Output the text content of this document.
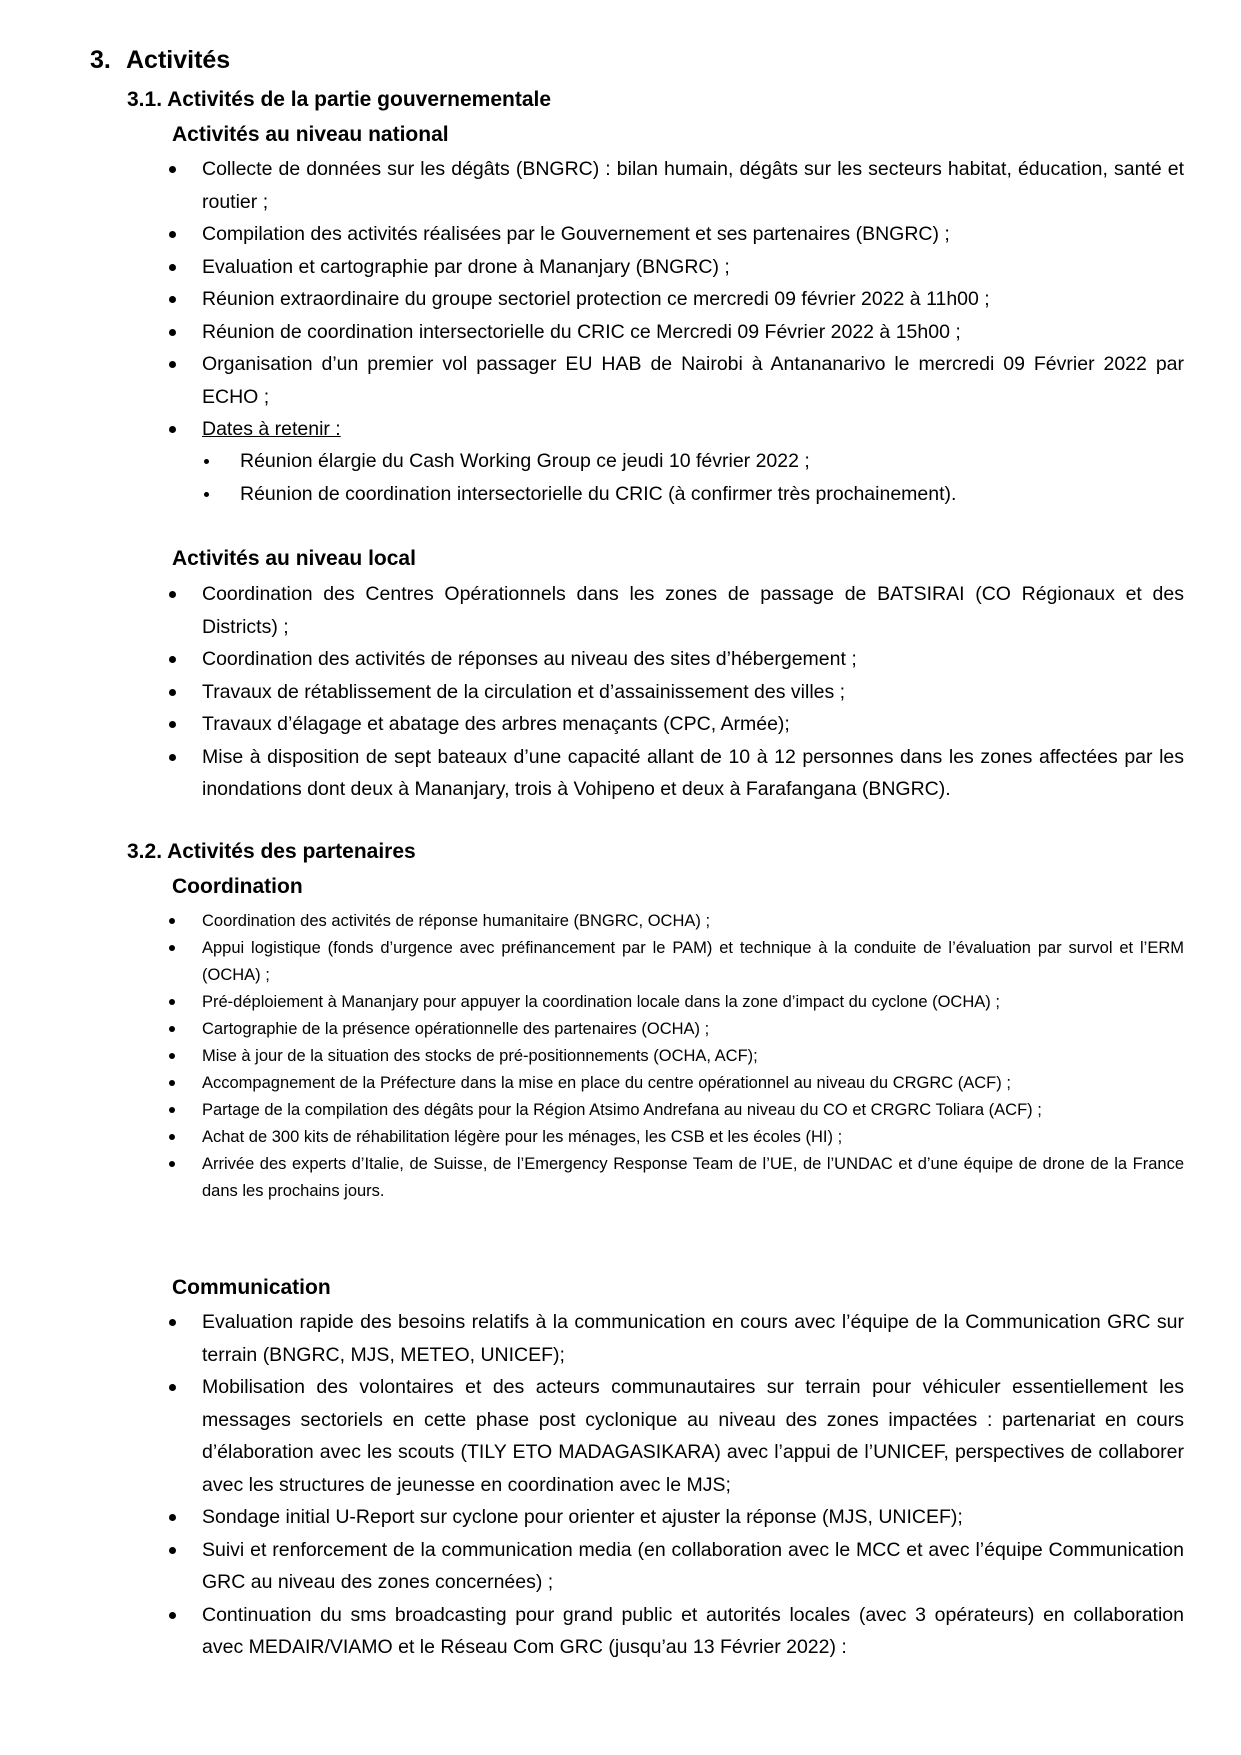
3. Activités
3.1. Activités de la partie gouvernementale
Activités au niveau national
Collecte de données sur les dégâts (BNGRC) : bilan humain, dégâts sur les secteurs habitat, éducation, santé et routier ;
Compilation des activités réalisées par le Gouvernement et ses partenaires (BNGRC) ;
Evaluation et cartographie par drone à Mananjary (BNGRC) ;
Réunion extraordinaire du groupe sectoriel protection ce mercredi 09 février 2022 à 11h00 ;
Réunion de coordination intersectorielle du CRIC ce Mercredi 09 Février 2022 à 15h00 ;
Organisation d’un premier vol passager EU HAB de Nairobi à Antananarivo le mercredi 09 Février 2022 par ECHO ;
Dates à retenir :
Réunion élargie du Cash Working Group ce jeudi 10 février 2022 ;
Réunion de coordination intersectorielle du CRIC (à confirmer très prochainement).
Activités au niveau local
Coordination des Centres Opérationnels dans les zones de passage de BATSIRAI (CO Régionaux et des Districts) ;
Coordination des activités de réponses au niveau des sites d’hébergement ;
Travaux de rétablissement de la circulation et d’assainissement des villes ;
Travaux d’élagage et abatage des arbres menaçants (CPC, Armée);
Mise à disposition de sept bateaux d’une capacité allant de 10 à 12 personnes dans les zones affectées par les inondations dont deux à Mananjary, trois à Vohipeno et deux à Farafangana (BNGRC).
3.2. Activités des partenaires
Coordination
Coordination des activités de réponse humanitaire (BNGRC, OCHA) ;
Appui logistique (fonds d’urgence avec préfinancement par le PAM) et technique à la conduite de l’évaluation par survol et l’ERM (OCHA) ;
Pré-déploiement à Mananjary pour appuyer la coordination locale dans la zone d’impact du cyclone (OCHA) ;
Cartographie de la présence opérationnelle des partenaires (OCHA) ;
Mise à jour de la situation des stocks de pré-positionnements (OCHA, ACF);
Accompagnement de la Préfecture dans la mise en place du centre opérationnel au niveau du CRGRC (ACF) ;
Partage de la compilation des dégâts pour la Région Atsimo Andrefana au niveau du CO et CRGRC Toliara (ACF) ;
Achat de 300 kits de réhabilitation légère pour les ménages, les CSB et les écoles (HI) ;
Arrivée des experts d’Italie, de Suisse, de l’Emergency Response Team de l’UE, de l’UNDAC et d’une équipe de drone de la France dans les prochains jours.
Communication
Evaluation rapide des besoins relatifs à la communication en cours avec l’équipe de la Communication GRC sur terrain (BNGRC, MJS, METEO, UNICEF);
Mobilisation des volontaires et des acteurs communautaires sur terrain pour véhiculer essentiellement les messages sectoriels en cette phase post cyclonique au niveau des zones impactées : partenariat en cours d’élaboration avec les scouts (TILY ETO MADAGASIKARA) avec l’appui de l’UNICEF, perspectives de collaborer avec les structures de jeunesse en coordination avec le MJS;
Sondage initial U-Report sur cyclone pour orienter et ajuster la réponse (MJS, UNICEF);
Suivi et renforcement de la communication media (en collaboration avec le MCC et avec l’équipe Communication GRC au niveau des zones concernées) ;
Continuation du sms broadcasting pour grand public et autorités locales (avec 3 opérateurs) en collaboration avec MEDAIR/VIAMO et le Réseau Com GRC (jusqu’au 13 Février 2022) :
